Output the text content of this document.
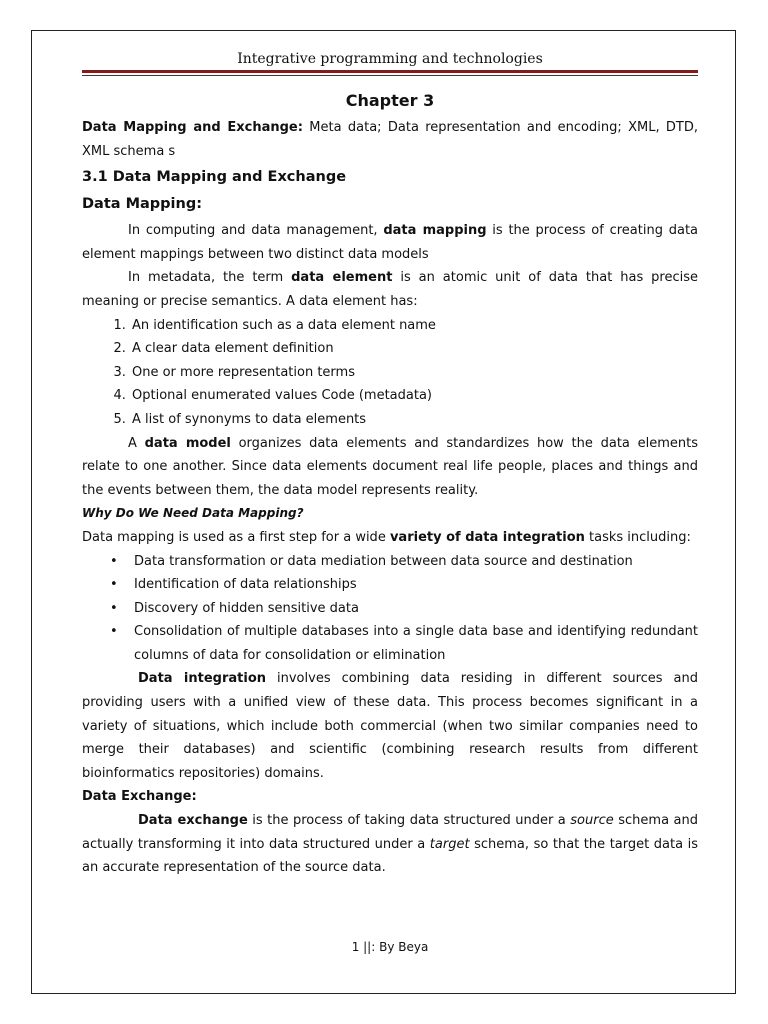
Integrative programming and technologies
Chapter 3

Data Mapping and Exchange: Meta data; Data representation and encoding; XML, DTD, XML schema s

3.1 Data Mapping and Exchange
Data Mapping:

In computing and data management, data mapping is the process of creating data element mappings between two distinct data models

In metadata, the term data element is an atomic unit of data that has precise meaning or precise semantics. A data element has:

1. An identification such as a data element name
2. A clear data element definition
3. One or more representation terms
4. Optional enumerated values Code (metadata)
5. A list of synonyms to data elements

A data model organizes data elements and standardizes how the data elements relate to one another. Since data elements document real life people, places and things and the events between them, the data model represents reality.

Why Do We Need Data Mapping?

Data mapping is used as a first step for a wide variety of data integration tasks including:

• Data transformation or data mediation between data source and destination
• Identification of data relationships
• Discovery of hidden sensitive data
• Consolidation of multiple databases into a single data base and identifying redundant columns of data for consolidation or elimination

Data integration involves combining data residing in different sources and providing users with a unified view of these data. This process becomes significant in a variety of situations, which include both commercial (when two similar companies need to merge their databases) and scientific (combining research results from different bioinformatics repositories) domains.

Data Exchange:

Data exchange is the process of taking data structured under a source schema and actually transforming it into data structured under a target schema, so that the target data is an accurate representation of the source data.

1 ||: By Beya
